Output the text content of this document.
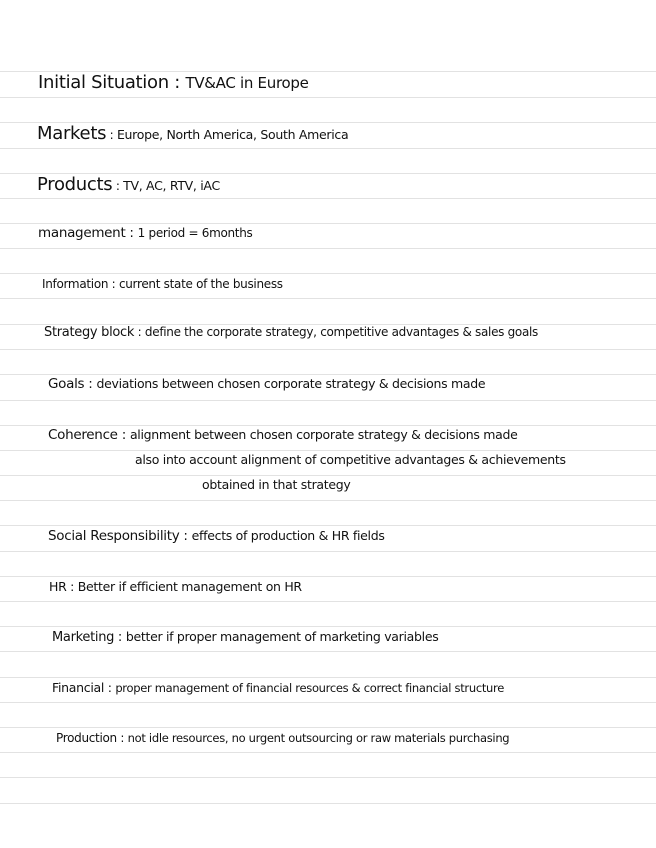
Initial Situation : TV&AC in Europe
Markets : Europe, North America, South America
Products : TV, AC, RTV, iAC
management : 1 period = 6months
Information : current state of the business
Strategy block : define the corporate strategy, competitive advantages & sales goals
Goals : deviations between chosen corporate strategy & decisions made
Coherence : alignment between chosen corporate strategy & decisions made
also into account alignment of competitive advantages & achievements
obtained in that strategy
Social Responsibility : effects of production & HR fields
HR : Better if efficient management on HR
Marketing : better if proper management of marketing variables
Financial : proper management of financial resources & correct financial structure
Production : not idle resources, no urgent outsourcing or raw materials purchasing
